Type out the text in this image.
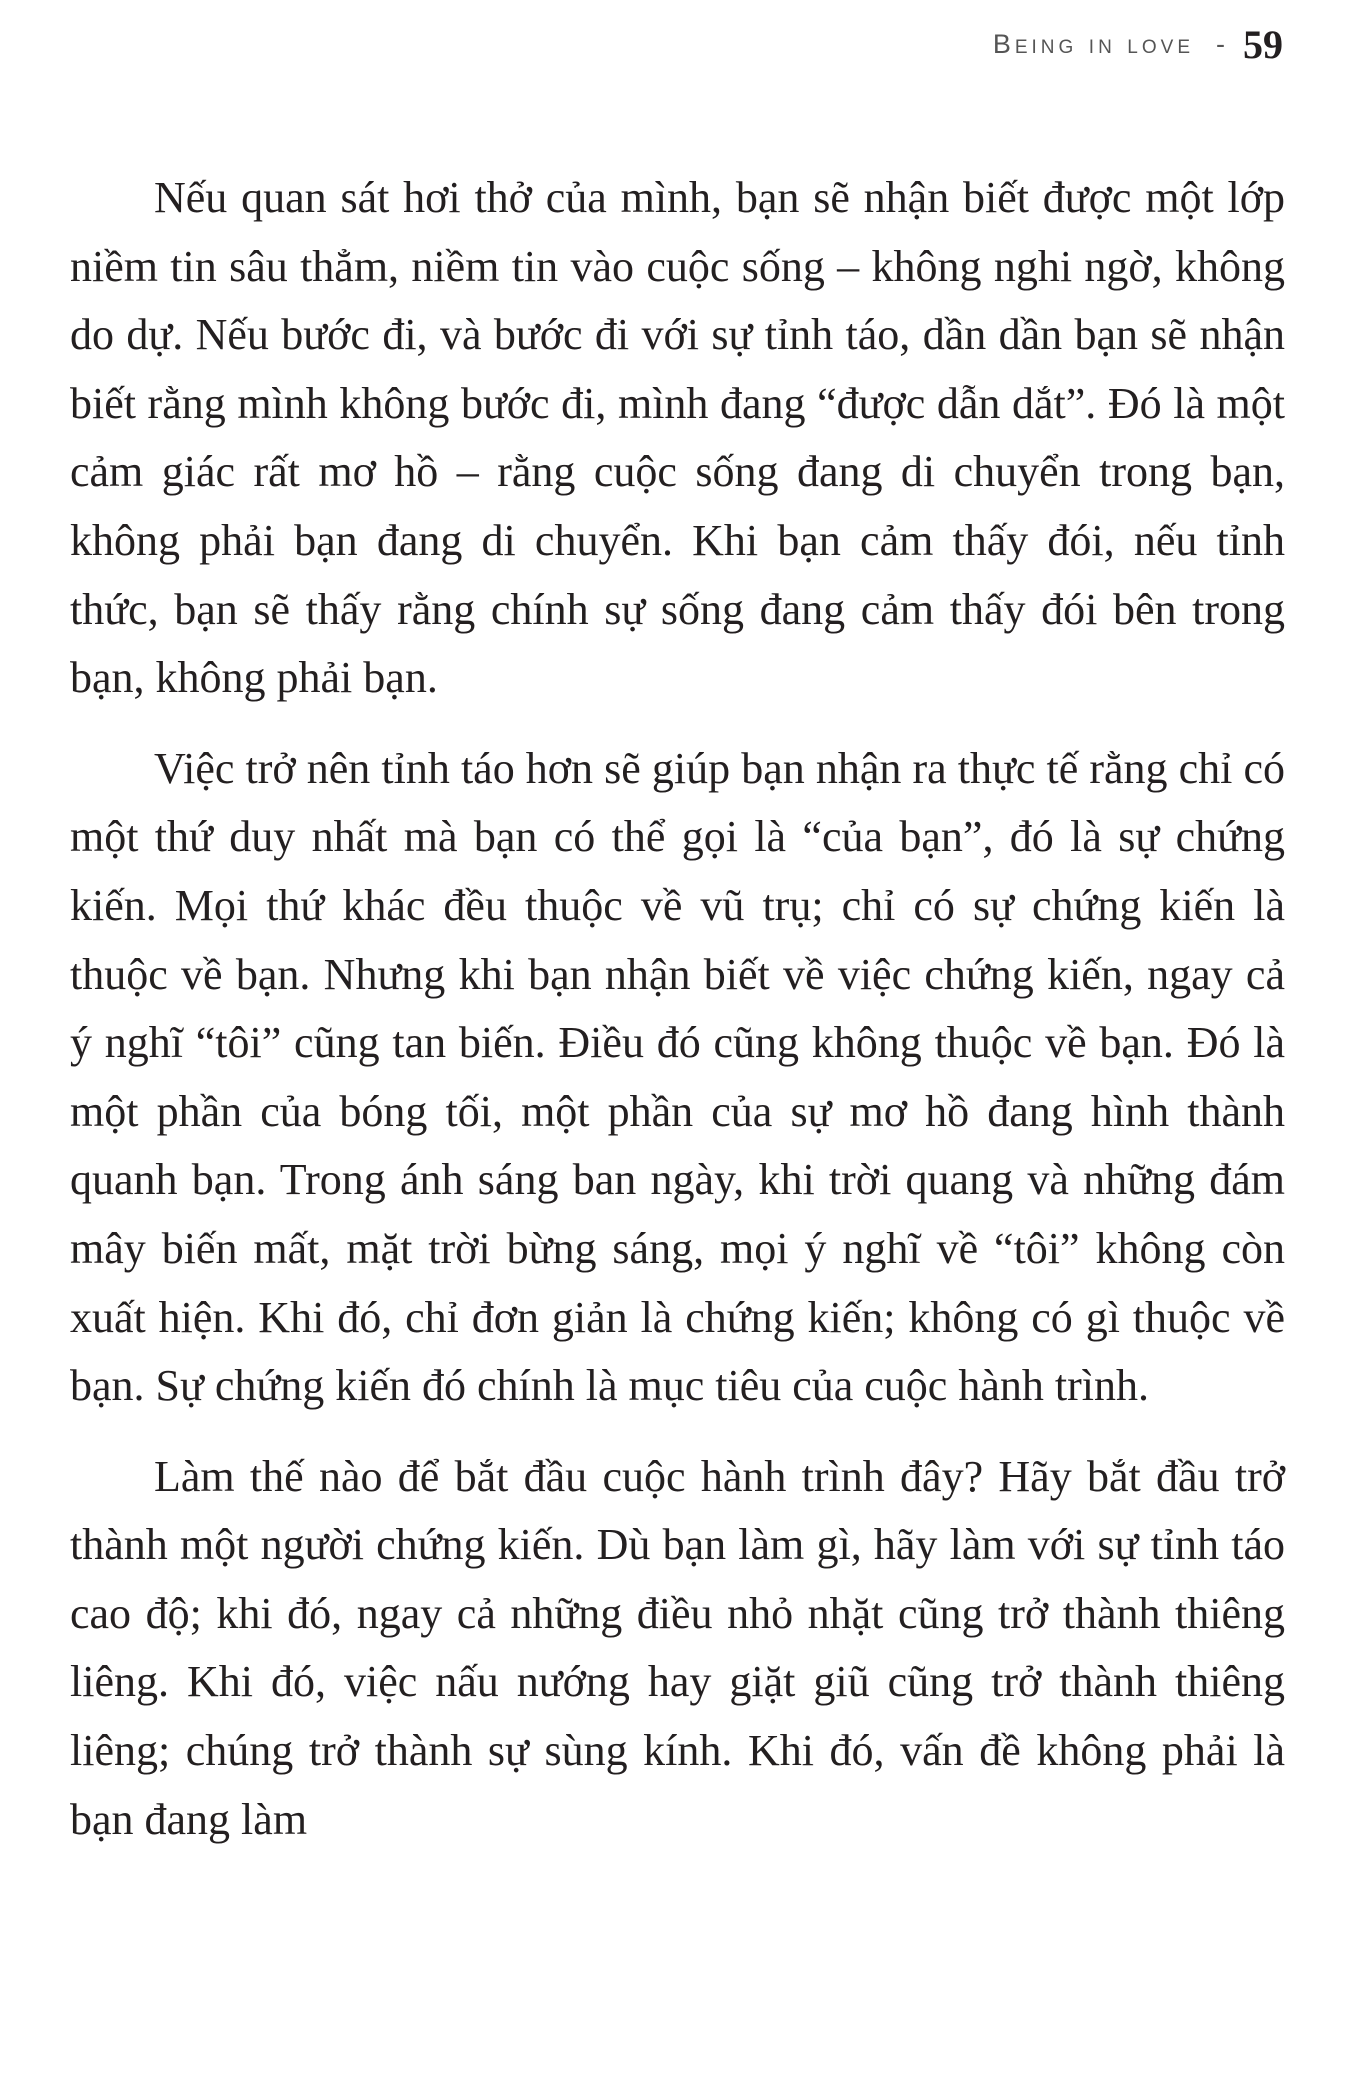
Being in love - 59

Nếu quan sát hơi thở của mình, bạn sẽ nhận biết được một lớp niềm tin sâu thẳm, niềm tin vào cuộc sống – không nghi ngờ, không do dự. Nếu bước đi, và bước đi với sự tỉnh táo, dần dần bạn sẽ nhận biết rằng mình không bước đi, mình đang “được dẫn dắt”. Đó là một cảm giác rất mơ hồ – rằng cuộc sống đang di chuyển trong bạn, không phải bạn đang di chuyển. Khi bạn cảm thấy đói, nếu tỉnh thức, bạn sẽ thấy rằng chính sự sống đang cảm thấy đói bên trong bạn, không phải bạn.

Việc trở nên tỉnh táo hơn sẽ giúp bạn nhận ra thực tế rằng chỉ có một thứ duy nhất mà bạn có thể gọi là “của bạn”, đó là sự chứng kiến. Mọi thứ khác đều thuộc về vũ trụ; chỉ có sự chứng kiến là thuộc về bạn. Nhưng khi bạn nhận biết về việc chứng kiến, ngay cả ý nghĩ “tôi” cũng tan biến. Điều đó cũng không thuộc về bạn. Đó là một phần của bóng tối, một phần của sự mơ hồ đang hình thành quanh bạn. Trong ánh sáng ban ngày, khi trời quang và những đám mây biến mất, mặt trời bừng sáng, mọi ý nghĩ về “tôi” không còn xuất hiện. Khi đó, chỉ đơn giản là chứng kiến; không có gì thuộc về bạn. Sự chứng kiến đó chính là mục tiêu của cuộc hành trình.

Làm thế nào để bắt đầu cuộc hành trình đây? Hãy bắt đầu trở thành một người chứng kiến. Dù bạn làm gì, hãy làm với sự tỉnh táo cao độ; khi đó, ngay cả những điều nhỏ nhặt cũng trở thành thiêng liêng. Khi đó, việc nấu nướng hay giặt giũ cũng trở thành thiêng liêng; chúng trở thành sự sùng kính. Khi đó, vấn đề không phải là bạn đang làm
